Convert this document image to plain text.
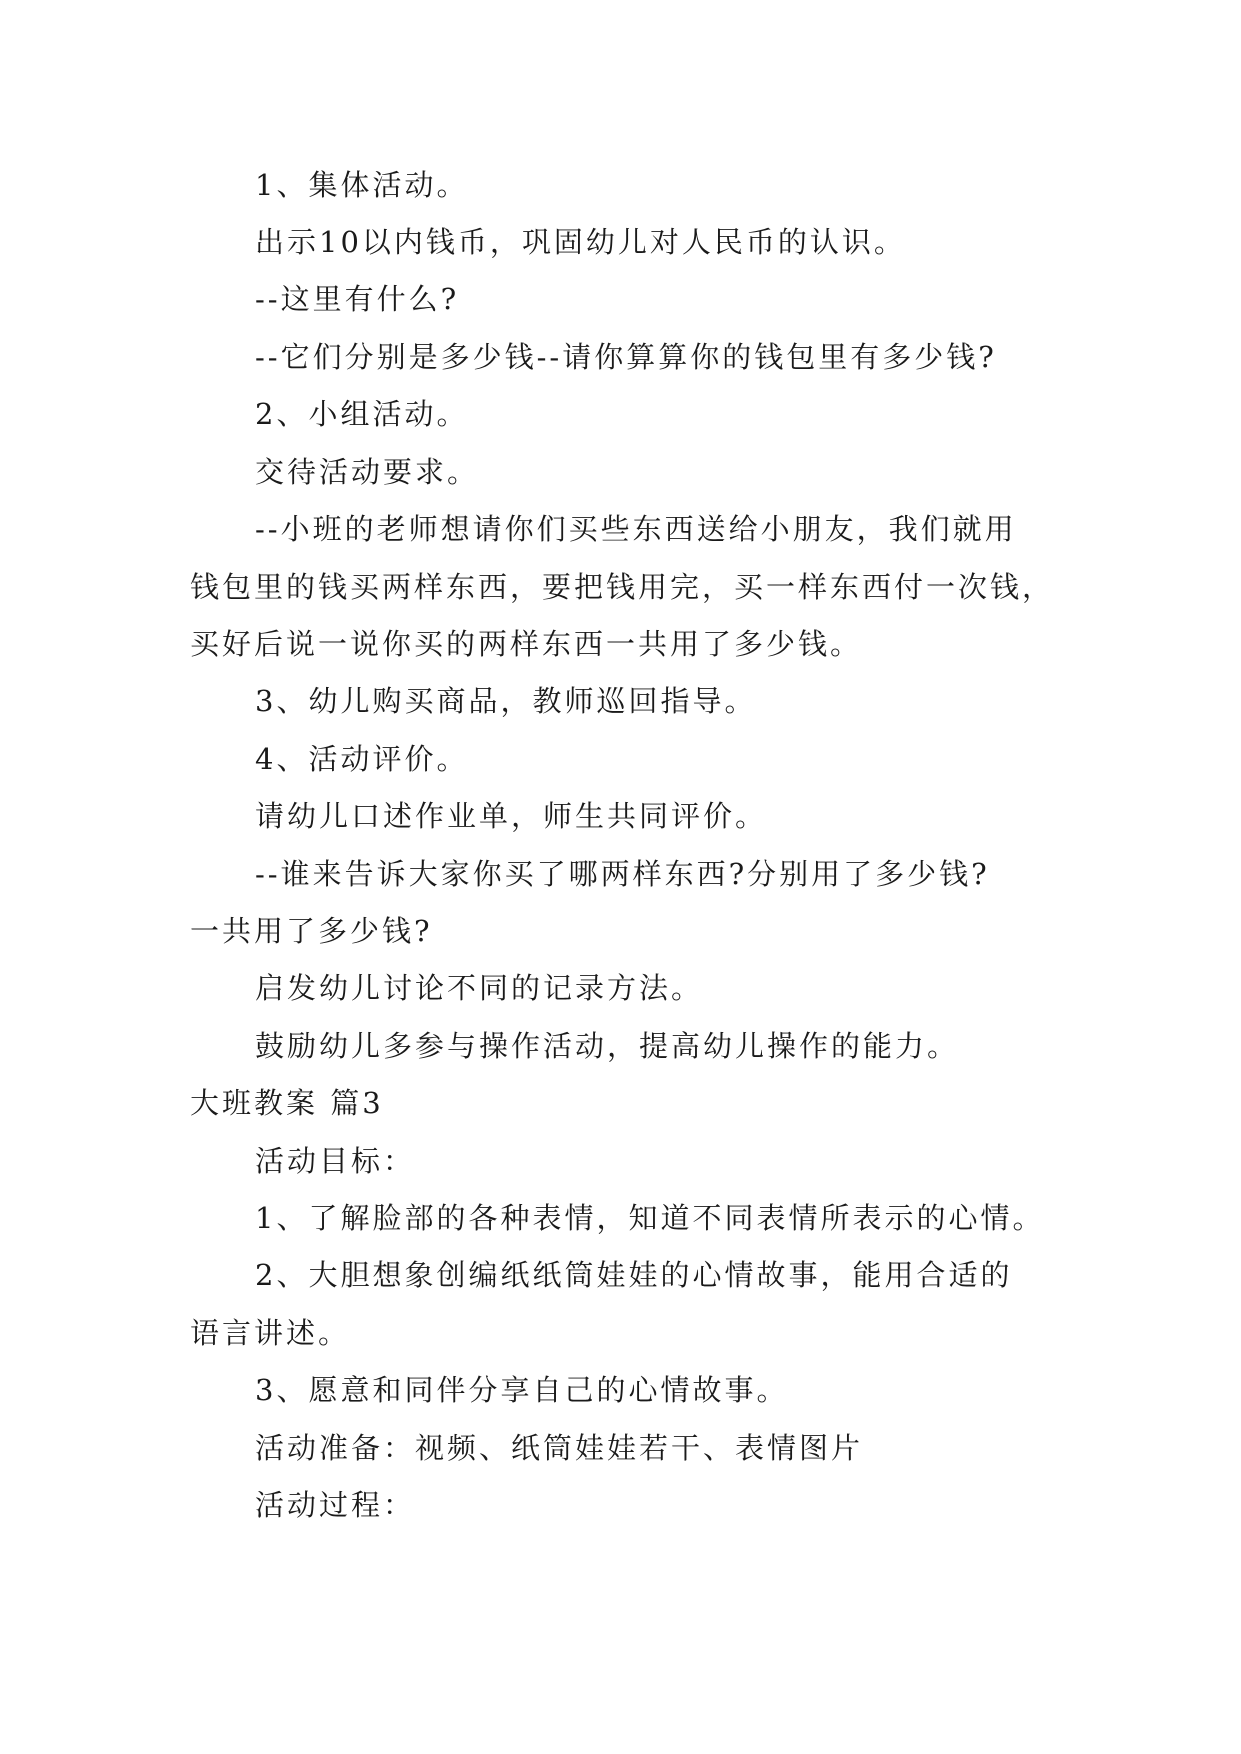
1、集体活动。
出示10以内钱币，巩固幼儿对人民币的认识。
--这里有什么?
--它们分别是多少钱--请你算算你的钱包里有多少钱?
2、小组活动。
交待活动要求。
--小班的老师想请你们买些东西送给小朋友，我们就用
钱包里的钱买两样东西，要把钱用完，买一样东西付一次钱，
买好后说一说你买的两样东西一共用了多少钱。
3、幼儿购买商品，教师巡回指导。
4、活动评价。
请幼儿口述作业单，师生共同评价。
--谁来告诉大家你买了哪两样东西?分别用了多少钱?
一共用了多少钱?
启发幼儿讨论不同的记录方法。
鼓励幼儿多参与操作活动，提高幼儿操作的能力。
大班教案 篇3
活动目标：
1、了解脸部的各种表情，知道不同表情所表示的心情。
2、大胆想象创编纸纸筒娃娃的心情故事，能用合适的
语言讲述。
3、愿意和同伴分享自己的心情故事。
活动准备：视频、纸筒娃娃若干、表情图片
活动过程：
